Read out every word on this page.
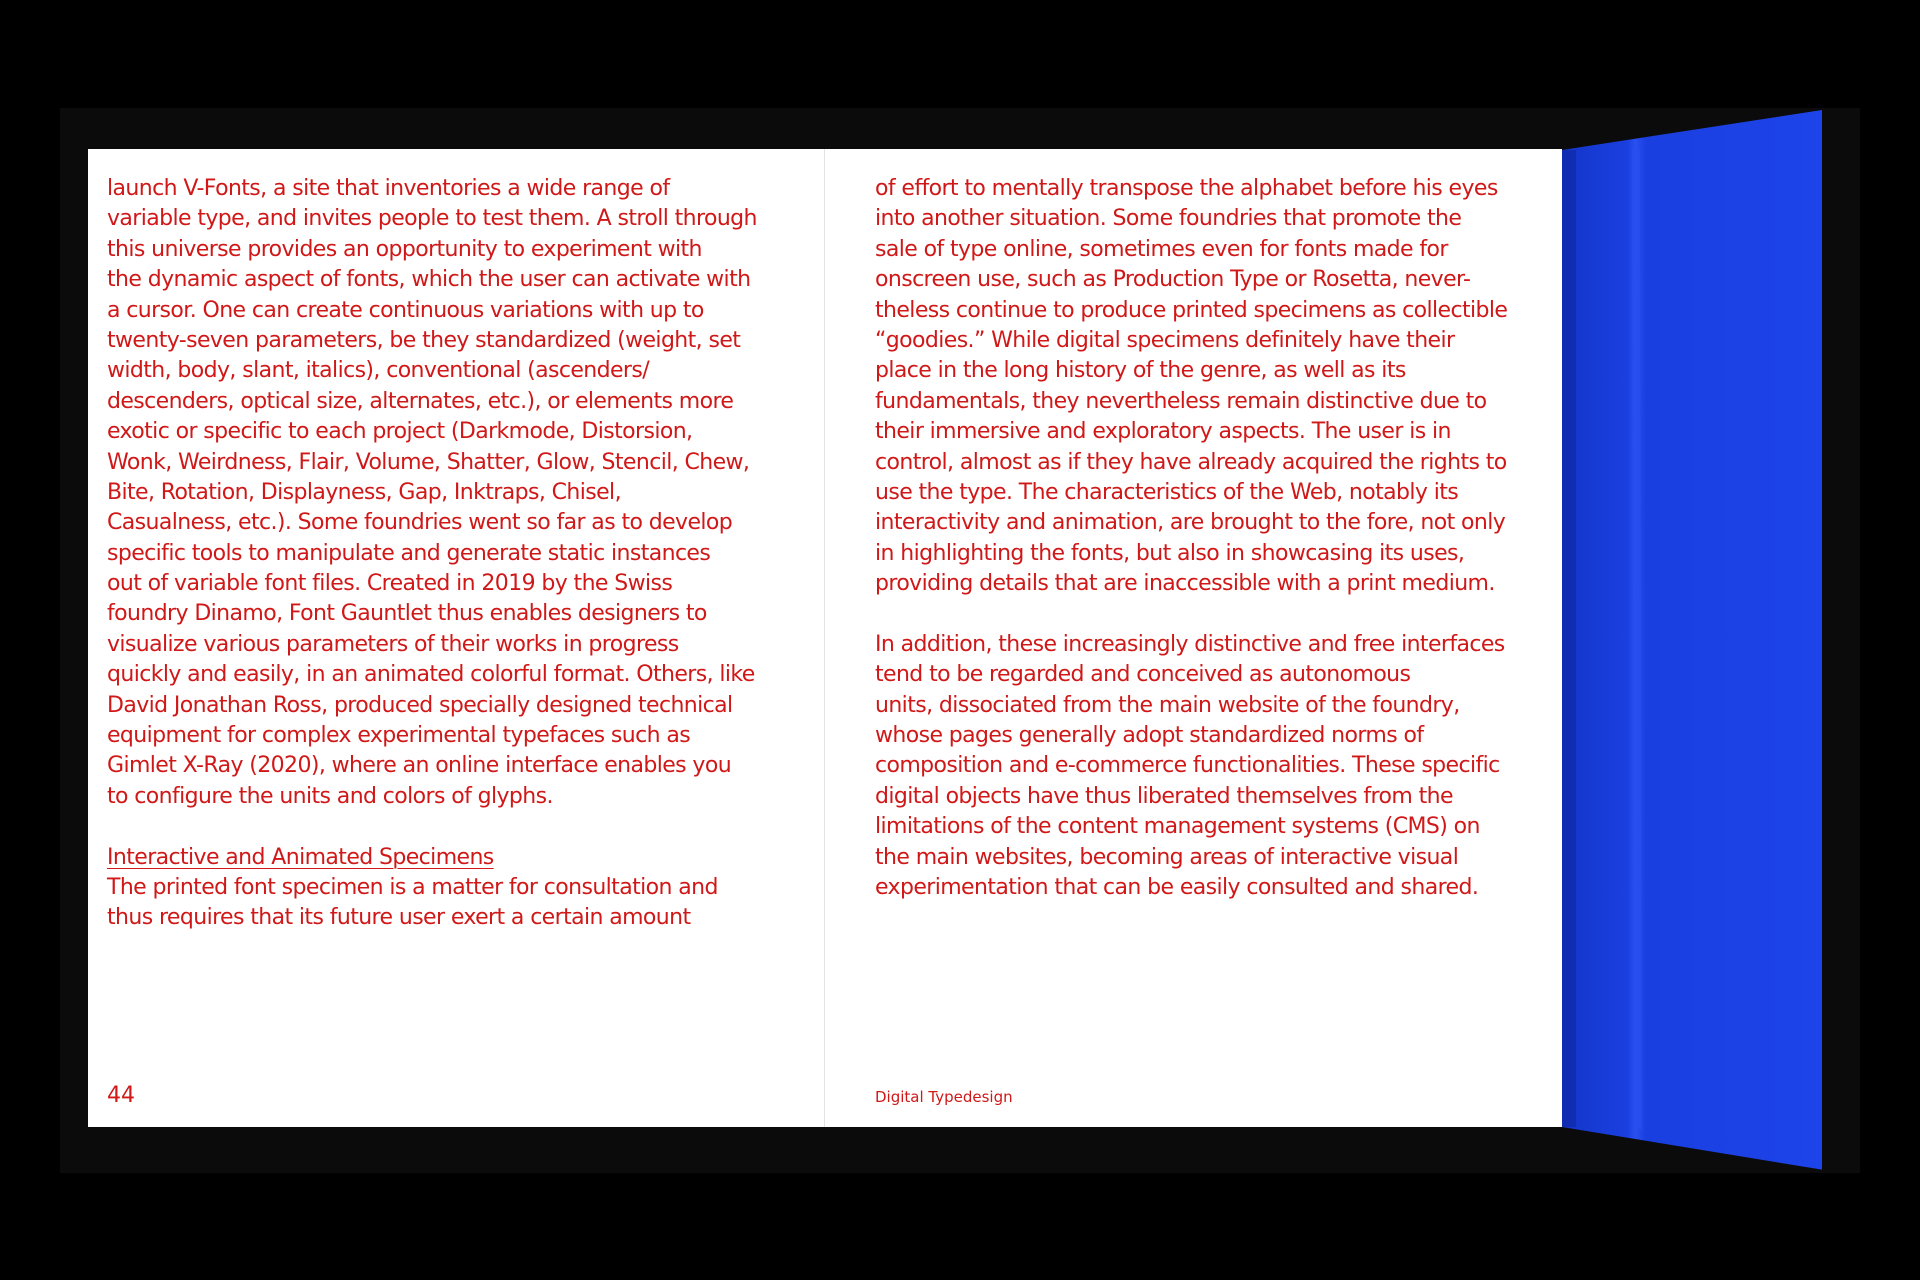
launch V-Fonts, a site that inventories a wide range of
variable type, and invites people to test them. A stroll through
this universe provides an opportunity to experiment with
the dynamic aspect of fonts, which the user can activate with
a cursor. One can create continuous variations with up to
twenty-seven parameters, be they standardized (weight, set
width, body, slant, italics), conventional (ascenders/
descenders, optical size, alternates, etc.), or elements more
exotic or specific to each project (Darkmode, Distorsion,
Wonk, Weirdness, Flair, Volume, Shatter, Glow, Stencil, Chew,
Bite, Rotation, Displayness, Gap, Inktraps, Chisel,
Casualness, etc.). Some foundries went so far as to develop
specific tools to manipulate and generate static instances
out of variable font files. Created in 2019 by the Swiss
foundry Dinamo, Font Gauntlet thus enables designers to
visualize various parameters of their works in progress
quickly and easily, in an animated colorful format. Others, like
David Jonathan Ross, produced specially designed technical
equipment for complex experimental typefaces such as
Gimlet X-Ray (2020), where an online interface enables you
to configure the units and colors of glyphs.
Interactive and Animated Specimens
The printed font specimen is a matter for consultation and
thus requires that its future user exert a certain amount
44
of effort to mentally transpose the alphabet before his eyes
into another situation. Some foundries that promote the
sale of type online, sometimes even for fonts made for
onscreen use, such as Production Type or Rosetta, never-
theless continue to produce printed specimens as collectible
“goodies.” While digital specimens definitely have their
place in the long history of the genre, as well as its
fundamentals, they nevertheless remain distinctive due to
their immersive and exploratory aspects. The user is in
control, almost as if they have already acquired the rights to
use the type. The characteristics of the Web, notably its
interactivity and animation, are brought to the fore, not only
in highlighting the fonts, but also in showcasing its uses,
providing details that are inaccessible with a print medium.
In addition, these increasingly distinctive and free interfaces
tend to be regarded and conceived as autonomous
units, dissociated from the main website of the foundry,
whose pages generally adopt standardized norms of
composition and e-commerce functionalities. These specific
digital objects have thus liberated themselves from the
limitations of the content management systems (CMS) on
the main websites, becoming areas of interactive visual
experimentation that can be easily consulted and shared.
Digital Typedesign
